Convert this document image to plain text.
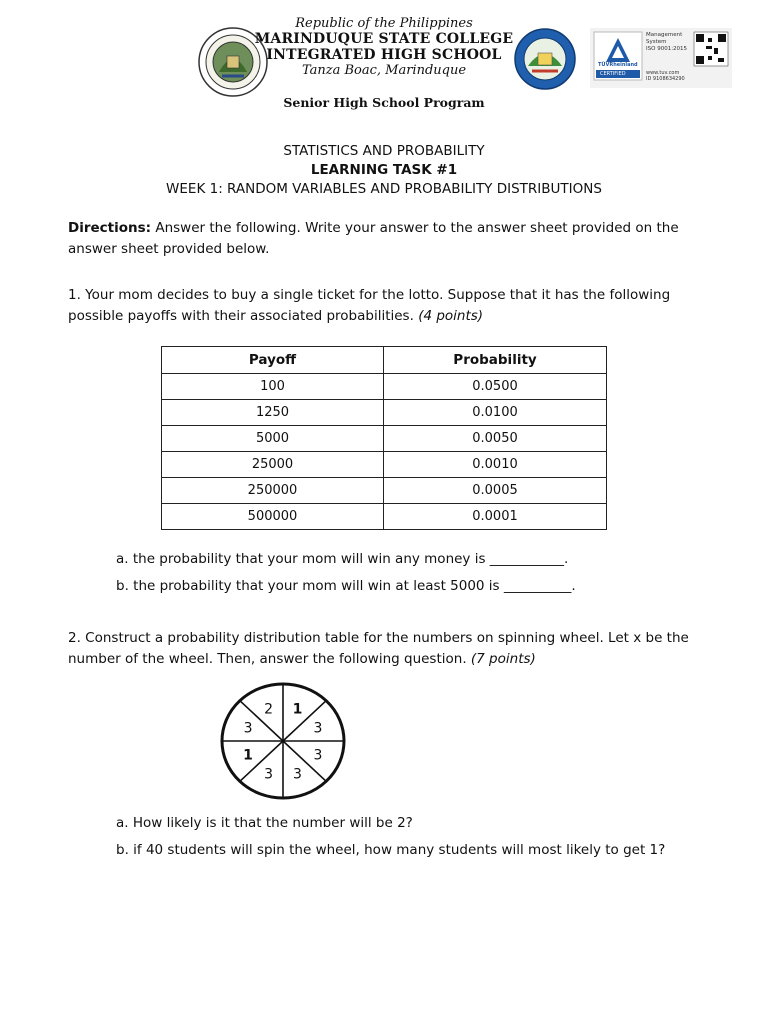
Management
System
ISO 9001:2015
TÜVRheinland
CERTIFIED	www.tuv.com
ID 9108634290
Republic of the Philippines
MARINDUQUE STATE COLLEGE
INTEGRATED HIGH SCHOOL
Tanza Boac, Marinduque
Senior High School Program
STATISTICS AND PROBABILITY
LEARNING TASK #1
WEEK 1: RANDOM VARIABLES AND PROBABILITY DISTRIBUTIONS
Directions: Answer the following. Write your answer to the answer sheet provided on the answer sheet provided below.
1. Your mom decides to buy a single ticket for the lotto. Suppose that it has the following possible payoffs with their associated probabilities. (4 points)
Payoff	Probability
100	0.0500
1250	0.0100
5000	0.0050
25000	0.0010
250000	0.0005
500000	0.0001
a. the probability that your mom will win any money is ___________.
b. the probability that your mom will win at least 5000 is __________.
2. Construct a probability distribution table for the numbers on spinning wheel. Let x be the number of the wheel. Then, answer the following question. (7 points)
1
3
3
3
3
1
3
2
a. How likely is it that the number will be 2?
b. if 40 students will spin the wheel, how many students will most likely to get 1?
